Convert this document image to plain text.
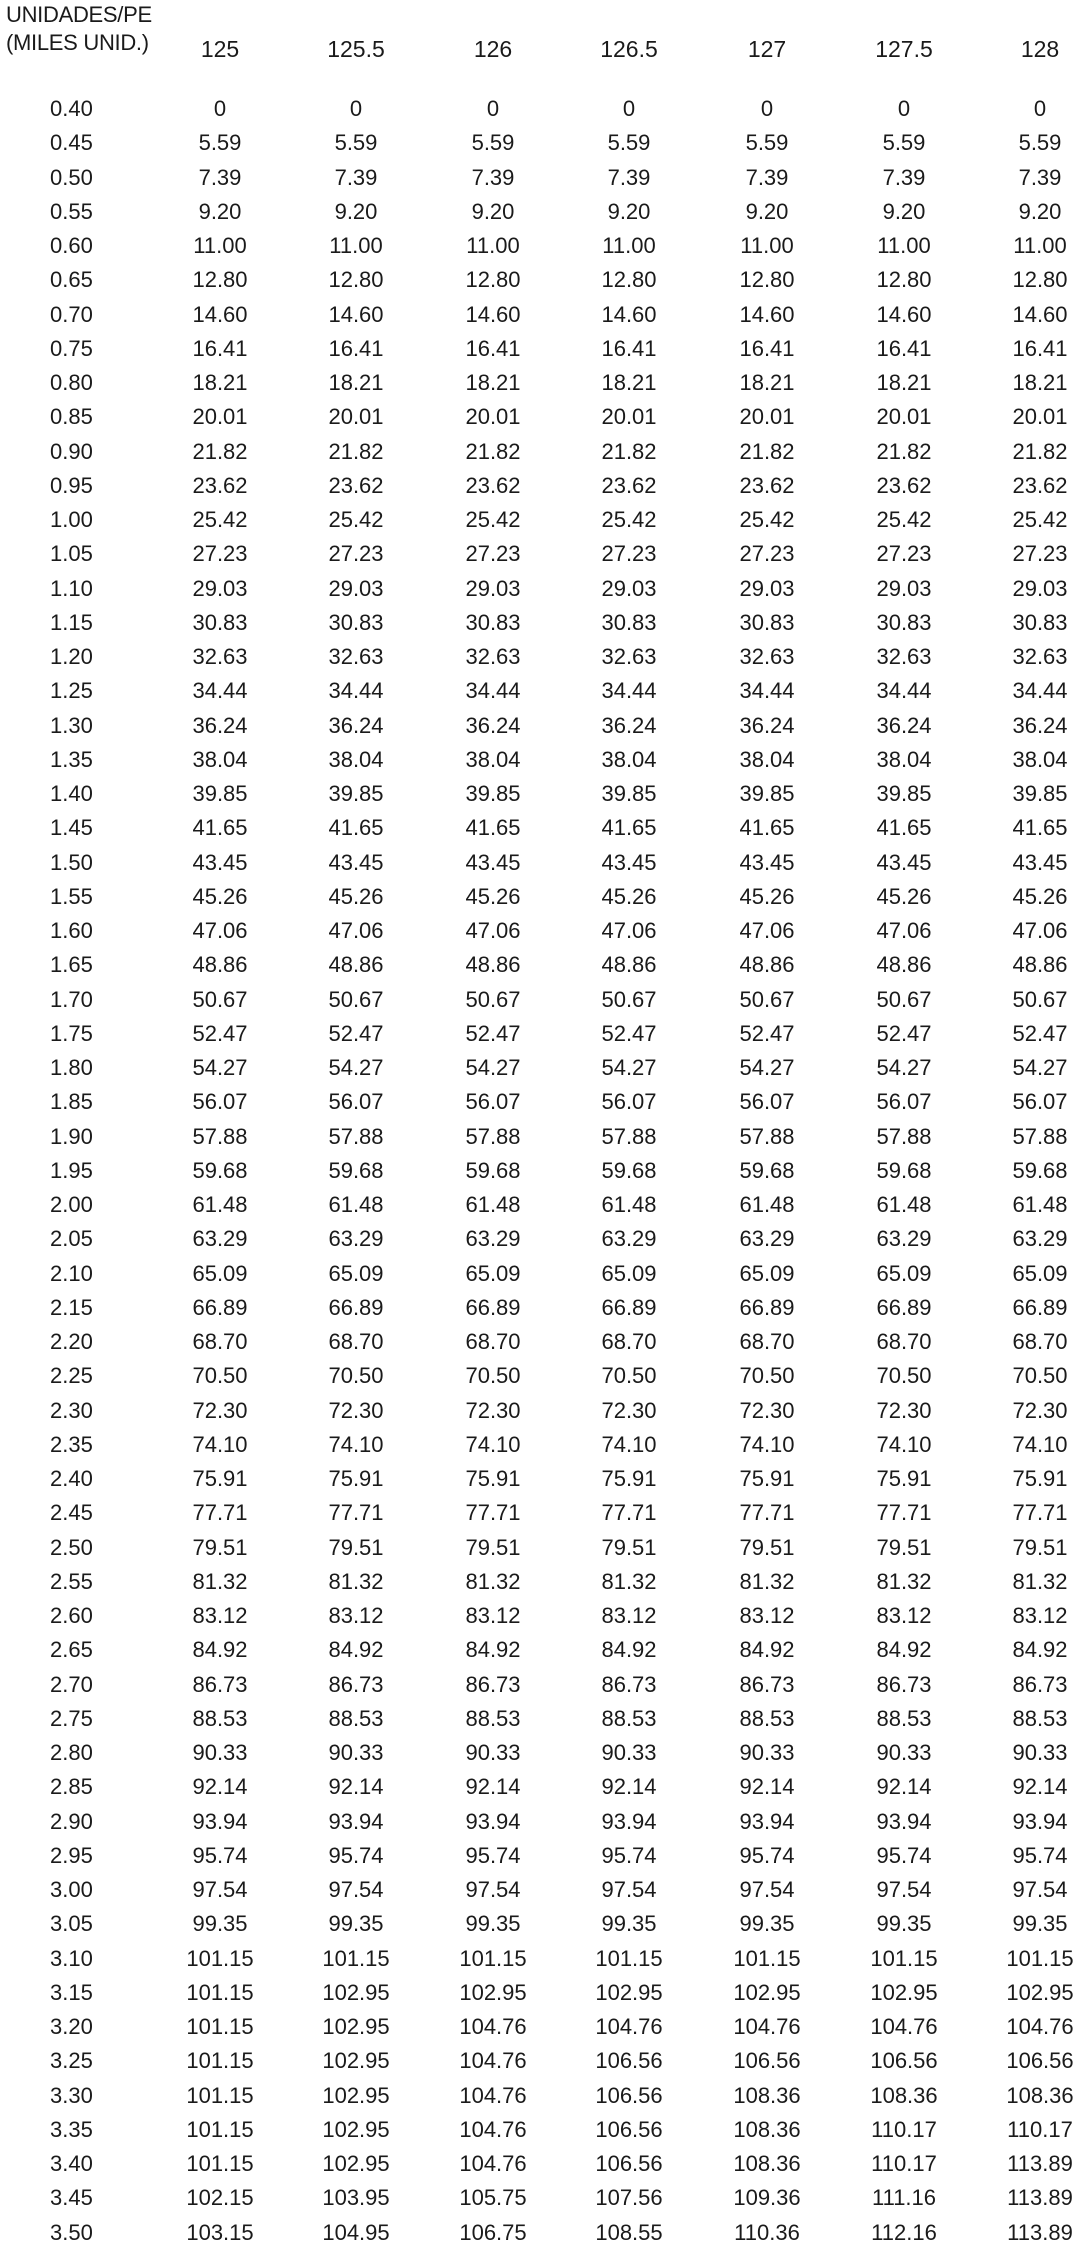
UNIDADES/PE
(MILES UNID.)	125	125.5	126	126.5	127	127.5	128
0.40	0	0	0	0	0	0	0
0.45	5.59	5.59	5.59	5.59	5.59	5.59	5.59
0.50	7.39	7.39	7.39	7.39	7.39	7.39	7.39
0.55	9.20	9.20	9.20	9.20	9.20	9.20	9.20
0.60	11.00	11.00	11.00	11.00	11.00	11.00	11.00
0.65	12.80	12.80	12.80	12.80	12.80	12.80	12.80
0.70	14.60	14.60	14.60	14.60	14.60	14.60	14.60
0.75	16.41	16.41	16.41	16.41	16.41	16.41	16.41
0.80	18.21	18.21	18.21	18.21	18.21	18.21	18.21
0.85	20.01	20.01	20.01	20.01	20.01	20.01	20.01
0.90	21.82	21.82	21.82	21.82	21.82	21.82	21.82
0.95	23.62	23.62	23.62	23.62	23.62	23.62	23.62
1.00	25.42	25.42	25.42	25.42	25.42	25.42	25.42
1.05	27.23	27.23	27.23	27.23	27.23	27.23	27.23
1.10	29.03	29.03	29.03	29.03	29.03	29.03	29.03
1.15	30.83	30.83	30.83	30.83	30.83	30.83	30.83
1.20	32.63	32.63	32.63	32.63	32.63	32.63	32.63
1.25	34.44	34.44	34.44	34.44	34.44	34.44	34.44
1.30	36.24	36.24	36.24	36.24	36.24	36.24	36.24
1.35	38.04	38.04	38.04	38.04	38.04	38.04	38.04
1.40	39.85	39.85	39.85	39.85	39.85	39.85	39.85
1.45	41.65	41.65	41.65	41.65	41.65	41.65	41.65
1.50	43.45	43.45	43.45	43.45	43.45	43.45	43.45
1.55	45.26	45.26	45.26	45.26	45.26	45.26	45.26
1.60	47.06	47.06	47.06	47.06	47.06	47.06	47.06
1.65	48.86	48.86	48.86	48.86	48.86	48.86	48.86
1.70	50.67	50.67	50.67	50.67	50.67	50.67	50.67
1.75	52.47	52.47	52.47	52.47	52.47	52.47	52.47
1.80	54.27	54.27	54.27	54.27	54.27	54.27	54.27
1.85	56.07	56.07	56.07	56.07	56.07	56.07	56.07
1.90	57.88	57.88	57.88	57.88	57.88	57.88	57.88
1.95	59.68	59.68	59.68	59.68	59.68	59.68	59.68
2.00	61.48	61.48	61.48	61.48	61.48	61.48	61.48
2.05	63.29	63.29	63.29	63.29	63.29	63.29	63.29
2.10	65.09	65.09	65.09	65.09	65.09	65.09	65.09
2.15	66.89	66.89	66.89	66.89	66.89	66.89	66.89
2.20	68.70	68.70	68.70	68.70	68.70	68.70	68.70
2.25	70.50	70.50	70.50	70.50	70.50	70.50	70.50
2.30	72.30	72.30	72.30	72.30	72.30	72.30	72.30
2.35	74.10	74.10	74.10	74.10	74.10	74.10	74.10
2.40	75.91	75.91	75.91	75.91	75.91	75.91	75.91
2.45	77.71	77.71	77.71	77.71	77.71	77.71	77.71
2.50	79.51	79.51	79.51	79.51	79.51	79.51	79.51
2.55	81.32	81.32	81.32	81.32	81.32	81.32	81.32
2.60	83.12	83.12	83.12	83.12	83.12	83.12	83.12
2.65	84.92	84.92	84.92	84.92	84.92	84.92	84.92
2.70	86.73	86.73	86.73	86.73	86.73	86.73	86.73
2.75	88.53	88.53	88.53	88.53	88.53	88.53	88.53
2.80	90.33	90.33	90.33	90.33	90.33	90.33	90.33
2.85	92.14	92.14	92.14	92.14	92.14	92.14	92.14
2.90	93.94	93.94	93.94	93.94	93.94	93.94	93.94
2.95	95.74	95.74	95.74	95.74	95.74	95.74	95.74
3.00	97.54	97.54	97.54	97.54	97.54	97.54	97.54
3.05	99.35	99.35	99.35	99.35	99.35	99.35	99.35
3.10	101.15	101.15	101.15	101.15	101.15	101.15	101.15
3.15	101.15	102.95	102.95	102.95	102.95	102.95	102.95
3.20	101.15	102.95	104.76	104.76	104.76	104.76	104.76
3.25	101.15	102.95	104.76	106.56	106.56	106.56	106.56
3.30	101.15	102.95	104.76	106.56	108.36	108.36	108.36
3.35	101.15	102.95	104.76	106.56	108.36	110.17	110.17
3.40	101.15	102.95	104.76	106.56	108.36	110.17	113.89
3.45	102.15	103.95	105.75	107.56	109.36	111.16	113.89
3.50	103.15	104.95	106.75	108.55	110.36	112.16	113.89
